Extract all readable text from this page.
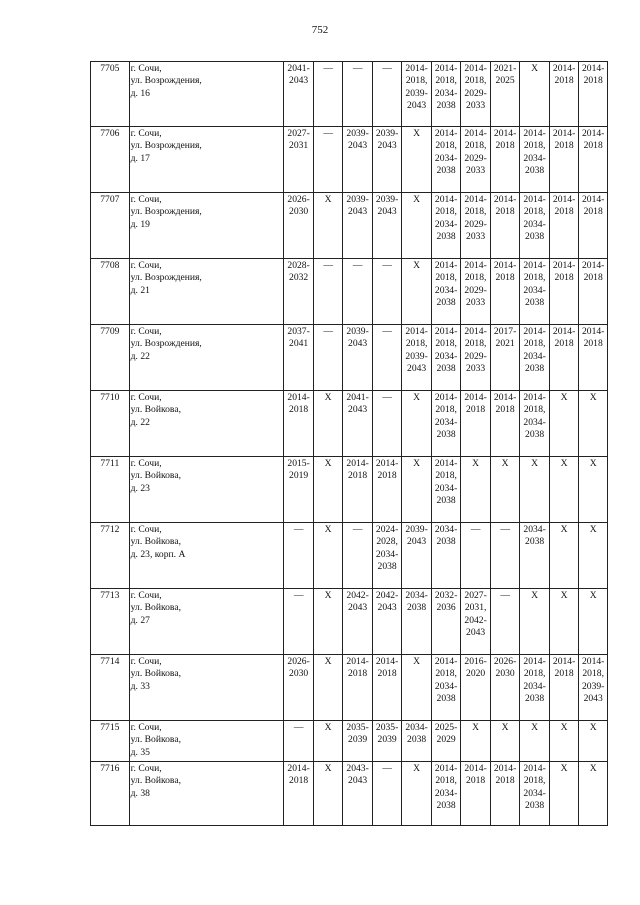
752
7705	г. Сочи,
ул. Возрождения,
д. 16	2041-
2043	—	—	—	2014-
2018,
2039-
2043	2014-
2018,
2034-
2038	2014-
2018,
2029-
2033	2021-
2025	X	2014-
2018	2014-
2018

7706	г. Сочи,
ул. Возрождения,
д. 17	2027-
2031	—	2039-
2043	2039-
2043	X	2014-
2018,
2034-
2038	2014-
2018,
2029-
2033	2014-
2018	2014-
2018,
2034-
2038	2014-
2018	2014-
2018

7707	г. Сочи,
ул. Возрождения,
д. 19	2026-
2030	X	2039-
2043	2039-
2043	X	2014-
2018,
2034-
2038	2014-
2018,
2029-
2033	2014-
2018	2014-
2018,
2034-
2038	2014-
2018	2014-
2018

7708	г. Сочи,
ул. Возрождения,
д. 21	2028-
2032	—	—	—	X	2014-
2018,
2034-
2038	2014-
2018,
2029-
2033	2014-
2018	2014-
2018,
2034-
2038	2014-
2018	2014-
2018

7709	г. Сочи,
ул. Возрождения,
д. 22	2037-
2041	—	2039-
2043	—	2014-
2018,
2039-
2043	2014-
2018,
2034-
2038	2014-
2018,
2029-
2033	2017-
2021	2014-
2018,
2034-
2038	2014-
2018	2014-
2018

7710	г. Сочи,
ул. Войкова,
д. 22	2014-
2018	X	2041-
2043	—	X	2014-
2018,
2034-
2038	2014-
2018	2014-
2018	2014-
2018,
2034-
2038	X	X

7711	г. Сочи,
ул. Войкова,
д. 23	2015-
2019	X	2014-
2018	2014-
2018	X	2014-
2018,
2034-
2038	X	X	X	X	X

7712	г. Сочи,
ул. Войкова,
д. 23, корп. А	—	X	—	2024-
2028,
2034-
2038	2039-
2043	2034-
2038	—	—	2034-
2038	X	X

7713	г. Сочи,
ул. Войкова,
д. 27	—	X	2042-
2043	2042-
2043	2034-
2038	2032-
2036	2027-
2031,
2042-
2043	—	X	X	X

7714	г. Сочи,
ул. Войкова,
д. 33	2026-
2030	X	2014-
2018	2014-
2018	X	2014-
2018,
2034-
2038	2016-
2020	2026-
2030	2014-
2018,
2034-
2038	2014-
2018	2014-
2018,
2039-
2043

7715	г. Сочи,
ул. Войкова,
д. 35	—	X	2035-
2039	2035-
2039	2034-
2038	2025-
2029	X	X	X	X	X

7716	г. Сочи,
ул. Войкова,
д. 38	2014-
2018	X	2043-
2043	—	X	2014-
2018,
2034-
2038	2014-
2018	2014-
2018	2014-
2018,
2034-
2038	X	X
